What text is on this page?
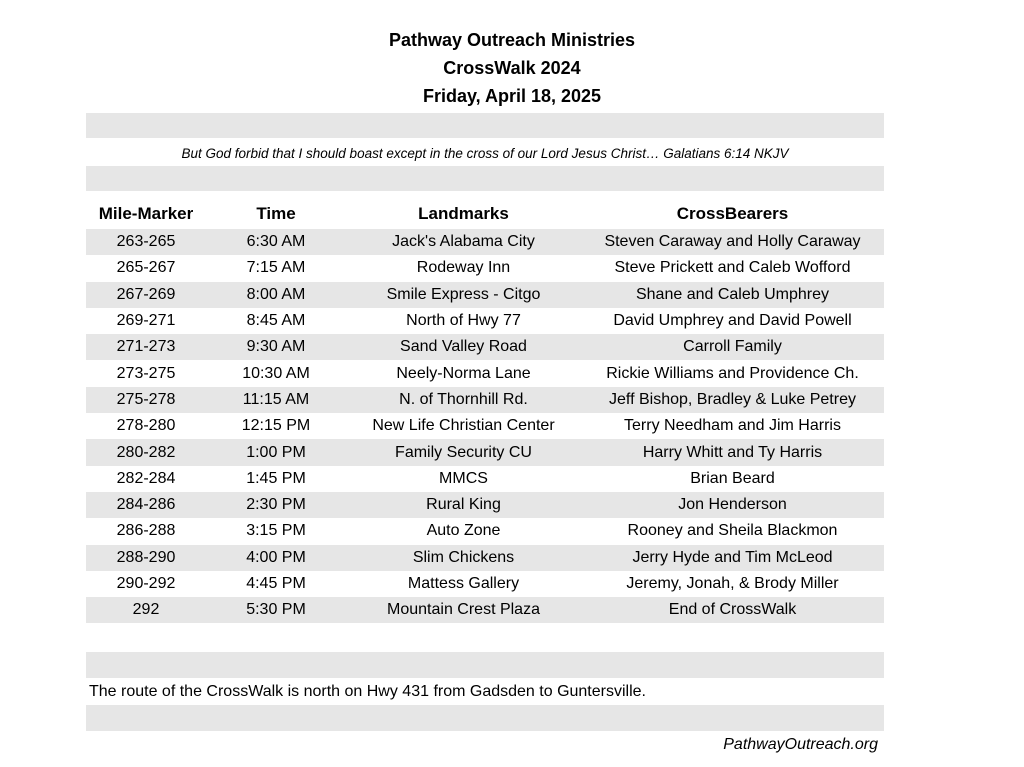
Pathway Outreach Ministries
CrossWalk 2024
Friday, April 18, 2025
But God forbid that I should boast except in the cross of our Lord Jesus Christ… Galatians 6:14 NKJV
Mile-Marker	Time	Landmarks	CrossBearers
263-265	6:30 AM	Jack's Alabama City	Steven Caraway and Holly Caraway
265-267	7:15 AM	Rodeway Inn	Steve Prickett and Caleb Wofford
267-269	8:00 AM	Smile Express - Citgo	Shane and Caleb Umphrey
269-271	8:45 AM	North of Hwy 77	David Umphrey and David Powell
271-273	9:30 AM	Sand Valley Road	Carroll Family
273-275	10:30 AM	Neely-Norma Lane	Rickie Williams and Providence Ch.
275-278	11:15 AM	N. of Thornhill Rd.	Jeff Bishop, Bradley & Luke Petrey
278-280	12:15 PM	New Life Christian Center	Terry Needham and Jim Harris
280-282	1:00 PM	Family Security CU	Harry Whitt and Ty Harris
282-284	1:45 PM	MMCS	Brian Beard
284-286	2:30 PM	Rural King	Jon Henderson
286-288	3:15 PM	Auto Zone	Rooney and Sheila Blackmon
288-290	4:00 PM	Slim Chickens	Jerry Hyde and Tim McLeod
290-292	4:45 PM	Mattess Gallery	Jeremy, Jonah, & Brody Miller
292	5:30 PM	Mountain Crest Plaza	End of CrossWalk
The route of the CrossWalk is north on Hwy 431 from Gadsden to Guntersville.
PathwayOutreach.org
